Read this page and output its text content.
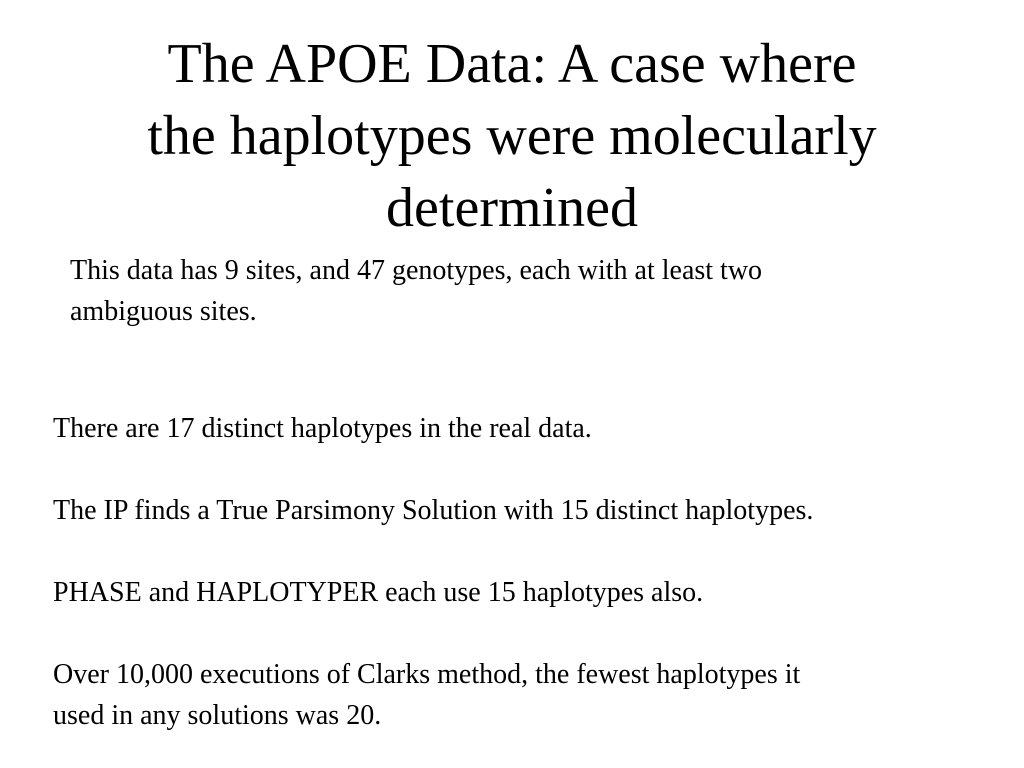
The APOE Data: A case where
the haplotypes were molecularly
determined

This data has 9 sites, and 47 genotypes, each with at least two
ambiguous sites.

There are 17 distinct haplotypes in the real data.

The IP finds a True Parsimony Solution with 15 distinct haplotypes.

PHASE and HAPLOTYPER each use 15 haplotypes also.

Over 10,000 executions of Clarks method, the fewest haplotypes it
used in any solutions was 20.
